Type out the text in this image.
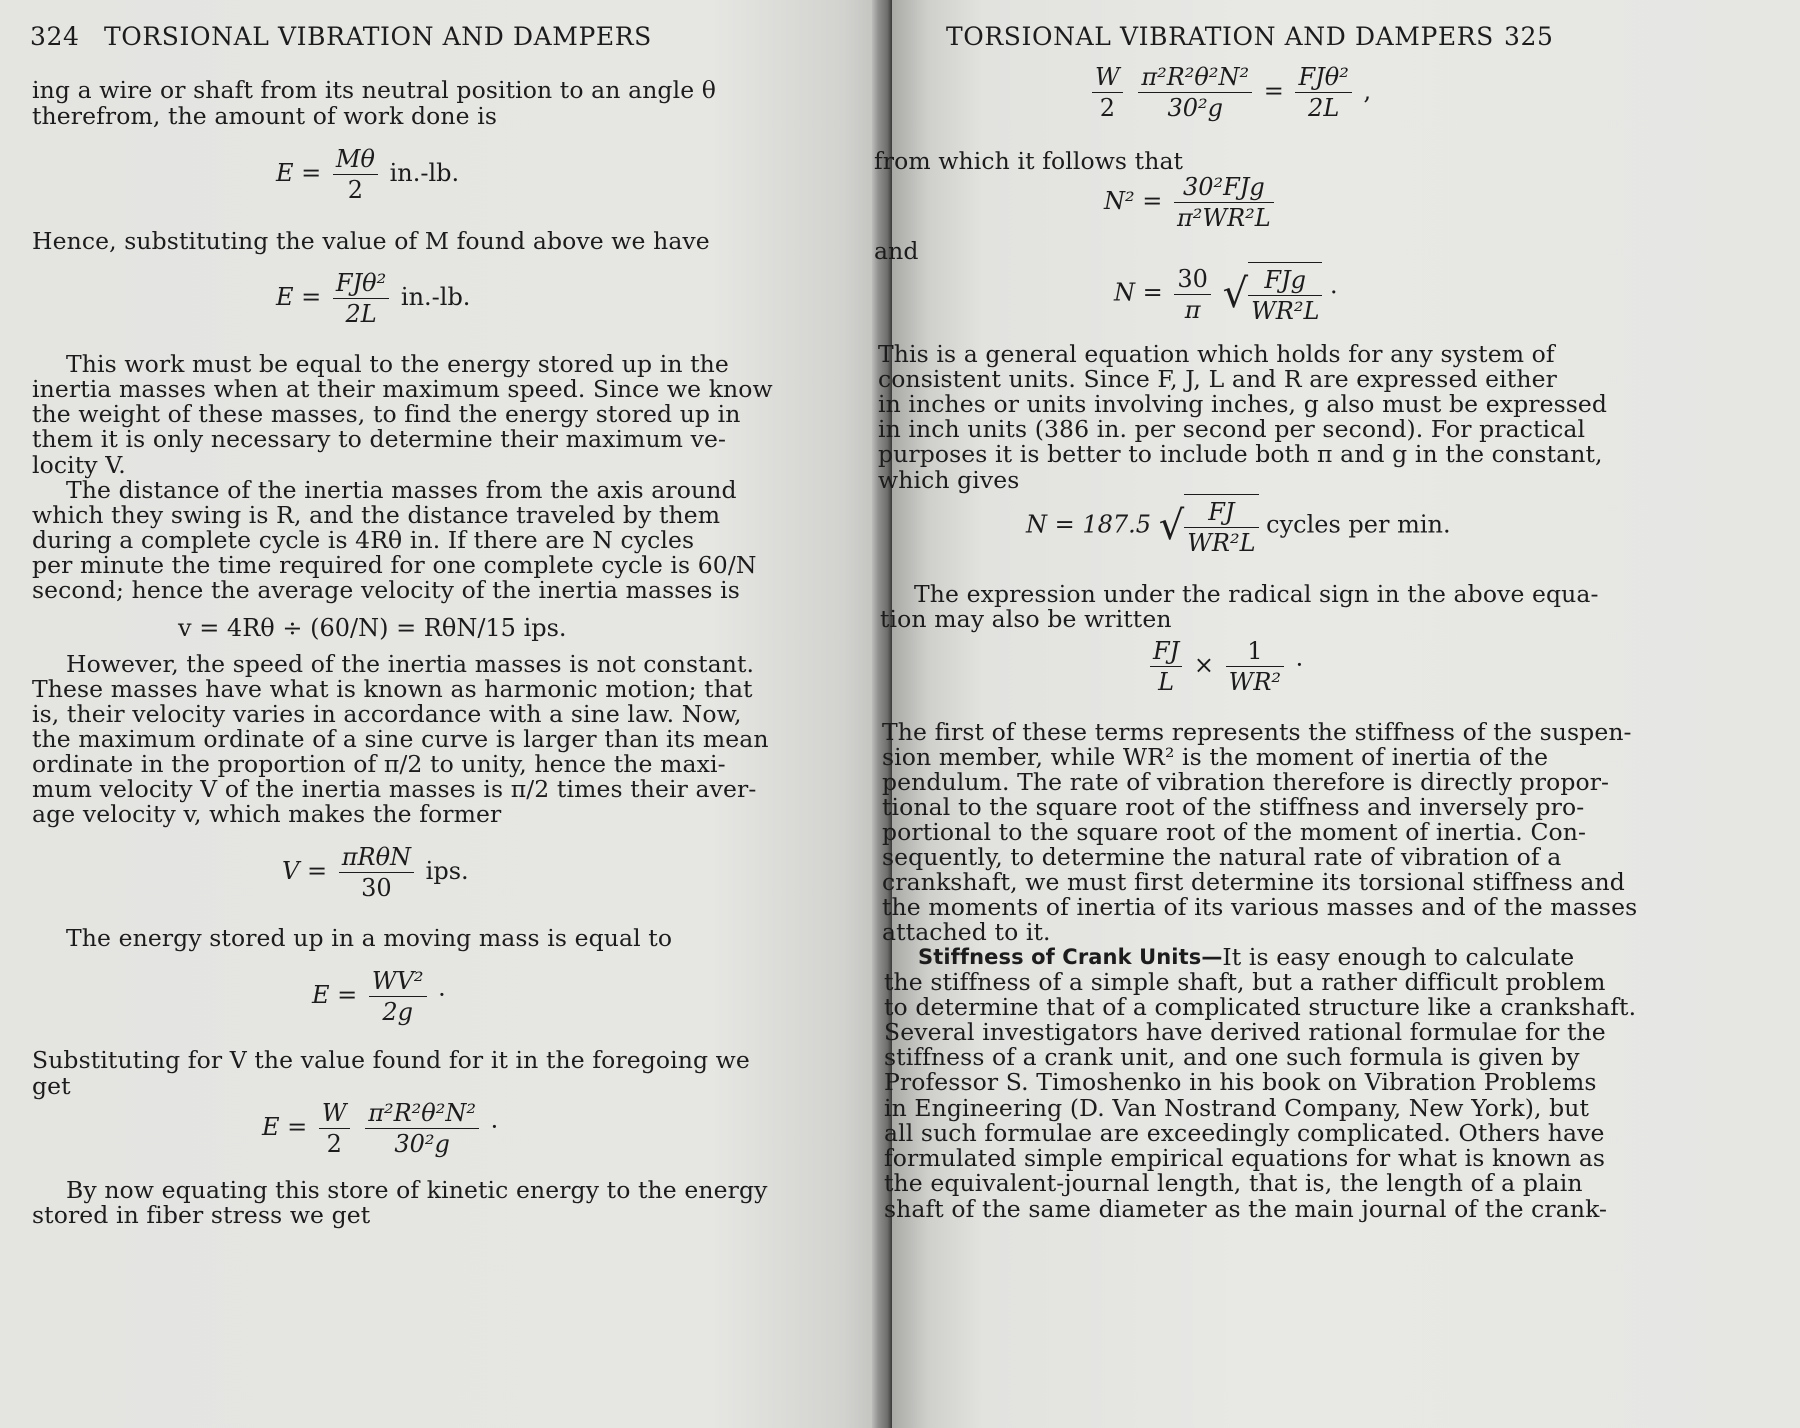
324 TORSIONAL VIBRATION AND DAMPERS
ing a wire or shaft from its neutral position to an angle θ
therefrom, the amount of work done is
$E = \frac{M\theta}{2} in.-lb$.
Hence, substituting the value of M found above we have
$E = \frac{\text{FJθ²}}{2L} in.-lb$.
This work must be equal to the energy stored up in the
inertia masses when at their maximum speed. Since we know
the weight of these masses, to find the energy stored up in
them it is only necessary to determine their maximum ve-
locity V.
The distance of the inertia masses from the axis around
which they swing is R, and the distance traveled by them
during a complete cycle is 4Rθ in. If there are N cycles
per minute the time required for one complete cycle is 60/N
second; hence the average velocity of the inertia masses is
v = 4Rθ ÷ (60/N) = RθN/15 ips.
However, the speed of the inertia masses is not constant.
These masses have what is known as harmonic motion; that
is, their velocity varies in accordance with a sine law. Now,
the maximum ordinate of a sine curve is larger than its mean
ordinate in the proportion of π/2 to unity, hence the maxi-
mum velocity V of the inertia masses is π/2 times their aver-
age velocity v, which makes the former
$V = \frac{\text{πRθN}}{30}$ ips.
The energy stored up in a moving mass is equal to
$E = \frac{\text{WV²}}{2g}$ ·
Substituting for V the value found for it in the foregoing we
get
$E = \frac{W}{2}$
$\frac{\text{π²R²θ²N²}}{\text{30²g}}$ ·
By now equating this store of kinetic energy to the energy
stored in fiber stress we get
TORSIONAL VIBRATION AND DAMPERS 325
$\frac{W}{2}$
$\frac{\text{π²R²θ²N²}}{\text{30²g}} = \frac{\text{FJθ²}}{2L}$ ,
from which it follows that
$N^2 = \frac{\text{30²FJg}}{\text{π²WR²L}}$
and
$N = \frac{30}{\pi}$ √ $\frac{\text{FJg}}{\text{WR²L}}$ ·
This is a general equation which holds for any system of
consistent units. Since F, J, L and R are expressed either
in inches or units involving inches, g also must be expressed
in inch units (386 in. per second per second). For practical
purposes it is better to include both π and g in the constant,
which gives
N = 187.5 √ $\frac{FJ}{\text{WR²L}}$ cycles per min.
The expression under the radical sign in the above equa-
tion may also be written
$\frac{FJ}{L} \times \frac{1}{\text{WR²}}$ ·
The first of these terms represents the stiffness of the suspen-
sion member, while WR² is the moment of inertia of the
pendulum. The rate of vibration therefore is directly propor-
tional to the square root of the stiffness and inversely pro-
portional to the square root of the moment of inertia. Con-
sequently, to determine the natural rate of vibration of a
crankshaft, we must first determine its torsional stiffness and
the moments of inertia of its various masses and of the masses
attached to it.
Stiffness of Crank Units— It is easy enough to calculate
the stiffness of a simple shaft, but a rather difficult problem
to determine that of a complicated structure like a crankshaft.
Several investigators have derived rational formulae for the
stiffness of a crank unit, and one such formula is given by
Professor S. Timoshenko in his book on Vibration Problems
in Engineering (D. Van Nostrand Company, New York), but
all such formulae are exceedingly complicated. Others have
formulated simple empirical equations for what is known as
the equivalent-journal length, that is, the length of a plain
shaft of the same diameter as the main journal of the crank-
